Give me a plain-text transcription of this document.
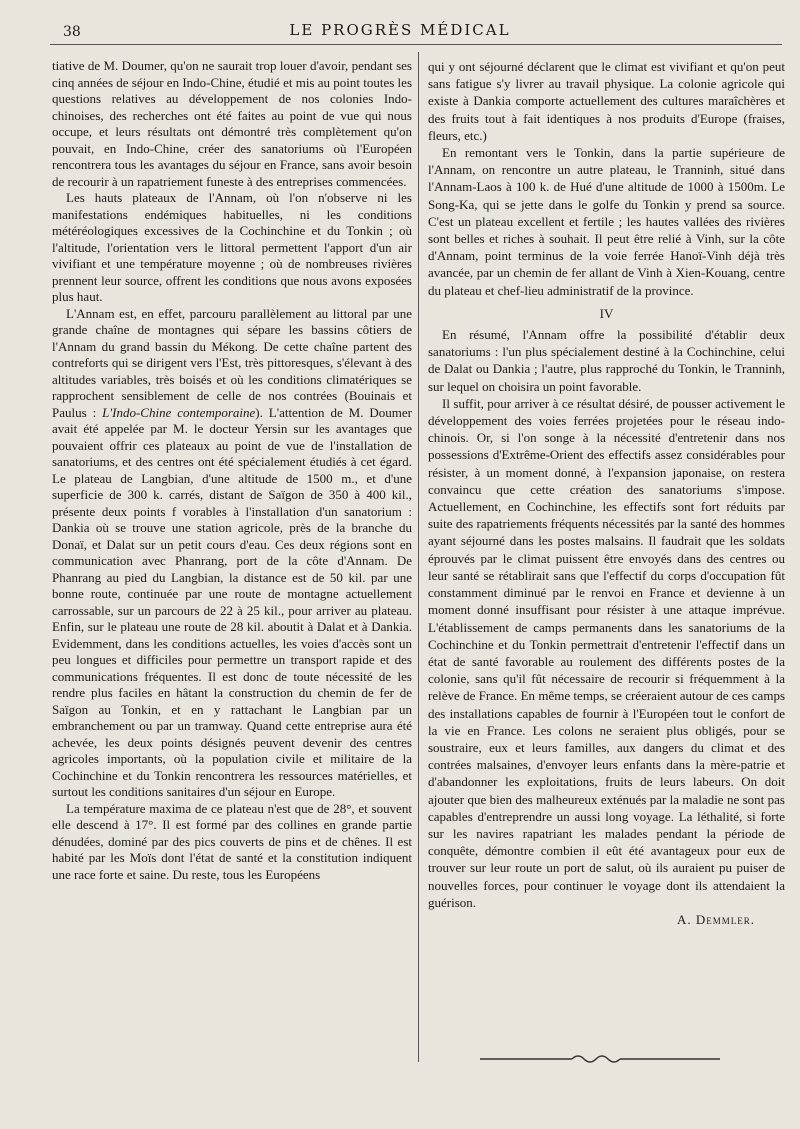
38	LE PROGRÈS MÉDICAL

tiative de M. Doumer, qu'on ne saurait trop louer d'avoir, pendant ses cinq années de séjour en Indo-Chine, étudié et mis au point toutes les questions relatives au développement de nos colonies Indo-chinoises, des recherches ont été faites au point de vue qui nous occupe, et leurs résultats ont démontré très complètement qu'on pouvait, en Indo-Chine, créer des sanatoriums où l'Européen rencontrera tous les avantages du séjour en France, sans avoir besoin de recourir à un rapatriement funeste à des entreprises commencées.

Les hauts plateaux de l'Annam, où l'on n'observe ni les manifestations endémiques habituelles, ni les conditions météréologiques excessives de la Cochinchine et du Tonkin ; où l'altitude, l'orientation vers le littoral permettent l'apport d'un air vivifiant et une température moyenne ; où de nombreuses rivières prennent leur source, offrent les conditions que nous avons exposées plus haut.

L'Annam est, en effet, parcouru parallèlement au littoral par une grande chaîne de montagnes qui sépare les bassins côtiers de l'Annam du grand bassin du Mékong. De cette chaîne partent des contreforts qui se dirigent vers l'Est, très pittoresques, s'élevant à des altitudes variables, très boisés et où les conditions climatériques se rapprochent sensiblement de celle de nos contrées (Bouinais et Paulus : L'Indo-Chine contemporaine). L'attention de M. Doumer avait été appelée par M. le docteur Yersin sur les avantages que pouvaient offrir ces plateaux au point de vue de l'installation de sanatoriums, et des centres ont été spécialement étudiés à cet égard. Le plateau de Langbian, d'une altitude de 1500 m., et d'une superficie de 300 k. carrés, distant de Saïgon de 350 à 400 kil., présente deux points f vorables à l'installation d'un sanatorium : Dankia où se trouve une station agricole, près de la branche du Donaï, et Dalat sur un petit cours d'eau. Ces deux régions sont en communication avec Phanrang, port de la côte d'Annam. De Phanrang au pied du Langbian, la distance est de 50 kil. par une bonne route, continuée par une route de montagne actuellement carrossable, sur un parcours de 22 à 25 kil., pour arriver au plateau. Enfin, sur le plateau une route de 28 kil. aboutit à Dalat et à Dankia. Evidemment, dans les conditions actuelles, les voies d'accès sont un peu longues et difficiles pour permettre un transport rapide et des communications fréquentes. Il est donc de toute nécessité de les rendre plus faciles en hâtant la construction du chemin de fer de Saïgon au Tonkin, et en y rattachant le Langbian par un embranchement ou par un tramway. Quand cette entreprise aura été achevée, les deux points désignés peuvent devenir des centres agricoles importants, où la population civile et militaire de la Cochinchine et du Tonkin rencontrera les ressources matérielles, et surtout les conditions sanitaires d'un séjour en Europe.

La température maxima de ce plateau n'est que de 28°, et souvent elle descend à 17°. Il est formé par des collines en grande partie dénudées, dominé par des pics couverts de pins et de chênes. Il est habité par les Moïs dont l'état de santé et la constitution indiquent une race forte et saine. Du reste, tous les Européens

qui y ont séjourné déclarent que le climat est vivifiant et qu'on peut sans fatigue s'y livrer au travail physique. La colonie agricole qui existe à Dankia comporte actuellement des cultures maraîchères et des fruits tout à fait identiques à nos produits d'Europe (fraises, fleurs, etc.)

En remontant vers le Tonkin, dans la partie supérieure de l'Annam, on rencontre un autre plateau, le Tranninh, situé dans l'Annam-Laos à 100 k. de Hué d'une altitude de 1000 à 1500m. Le Song-Ka, qui se jette dans le golfe du Tonkin y prend sa source. C'est un plateau excellent et fertile ; les hautes vallées des rivières sont belles et riches à souhait. Il peut être relié à Vinh, sur la côte d'Annam, point terminus de la voie ferrée Hanoï-Vinh déjà très avancée, par un chemin de fer allant de Vinh à Xien-Kouang, centre du plateau et chef-lieu administratif de la province.

IV

En résumé, l'Annam offre la possibilité d'établir deux sanatoriums : l'un plus spécialement destiné à la Cochinchine, celui de Dalat ou Dankia ; l'autre, plus rapproché du Tonkin, le Tranninh, sur lequel on choisira un point favorable.

Il suffit, pour arriver à ce résultat désiré, de pousser activement le développement des voies ferrées projetées pour le réseau indo-chinois. Or, si l'on songe à la nécessité d'entretenir dans nos possessions d'Extrême-Orient des effectifs assez considérables pour résister, à un moment donné, à l'expansion japonaise, on restera convaincu que cette création des sanatoriums s'impose. Actuellement, en Cochinchine, les effectifs sont fort réduits par suite des rapatriements fréquents nécessités par la santé des hommes ayant séjourné dans les postes malsains. Il faudrait que les soldats éprouvés par le climat puissent être envoyés dans des centres ou leur santé se rétablirait sans que l'effectif du corps d'occupation fût constamment diminué par le renvoi en France et devienne à un moment donné insuffisant pour résister à une attaque imprévue. L'établissement de camps permanents dans les sanatoriums de la Cochinchine et du Tonkin permettrait d'entretenir l'effectif dans un état de santé favorable au roulement des différents postes de la colonie, sans qu'il fût nécessaire de recourir si fréquemment à la relève de France. En même temps, se créeraient autour de ces camps des installations capables de fournir à l'Européen tout le confort de la vie en France. Les colons ne seraient plus obligés, pour se soustraire, eux et leurs familles, aux dangers du climat et des contrées malsaines, d'envoyer leurs enfants dans la mère-patrie et d'abandonner les exploitations, fruits de leurs labeurs. On doit ajouter que bien des malheureux exténués par la maladie ne sont pas capables d'entreprendre un aussi long voyage. La léthalité, si forte sur les navires rapatriant les malades pendant la période de conquête, démontre combien il eût été avantageux pour eux de trouver sur leur route un port de salut, où ils auraient pu puiser de nouvelles forces, pour continuer le voyage dont ils attendaient la guérison.

A. Demmler.
